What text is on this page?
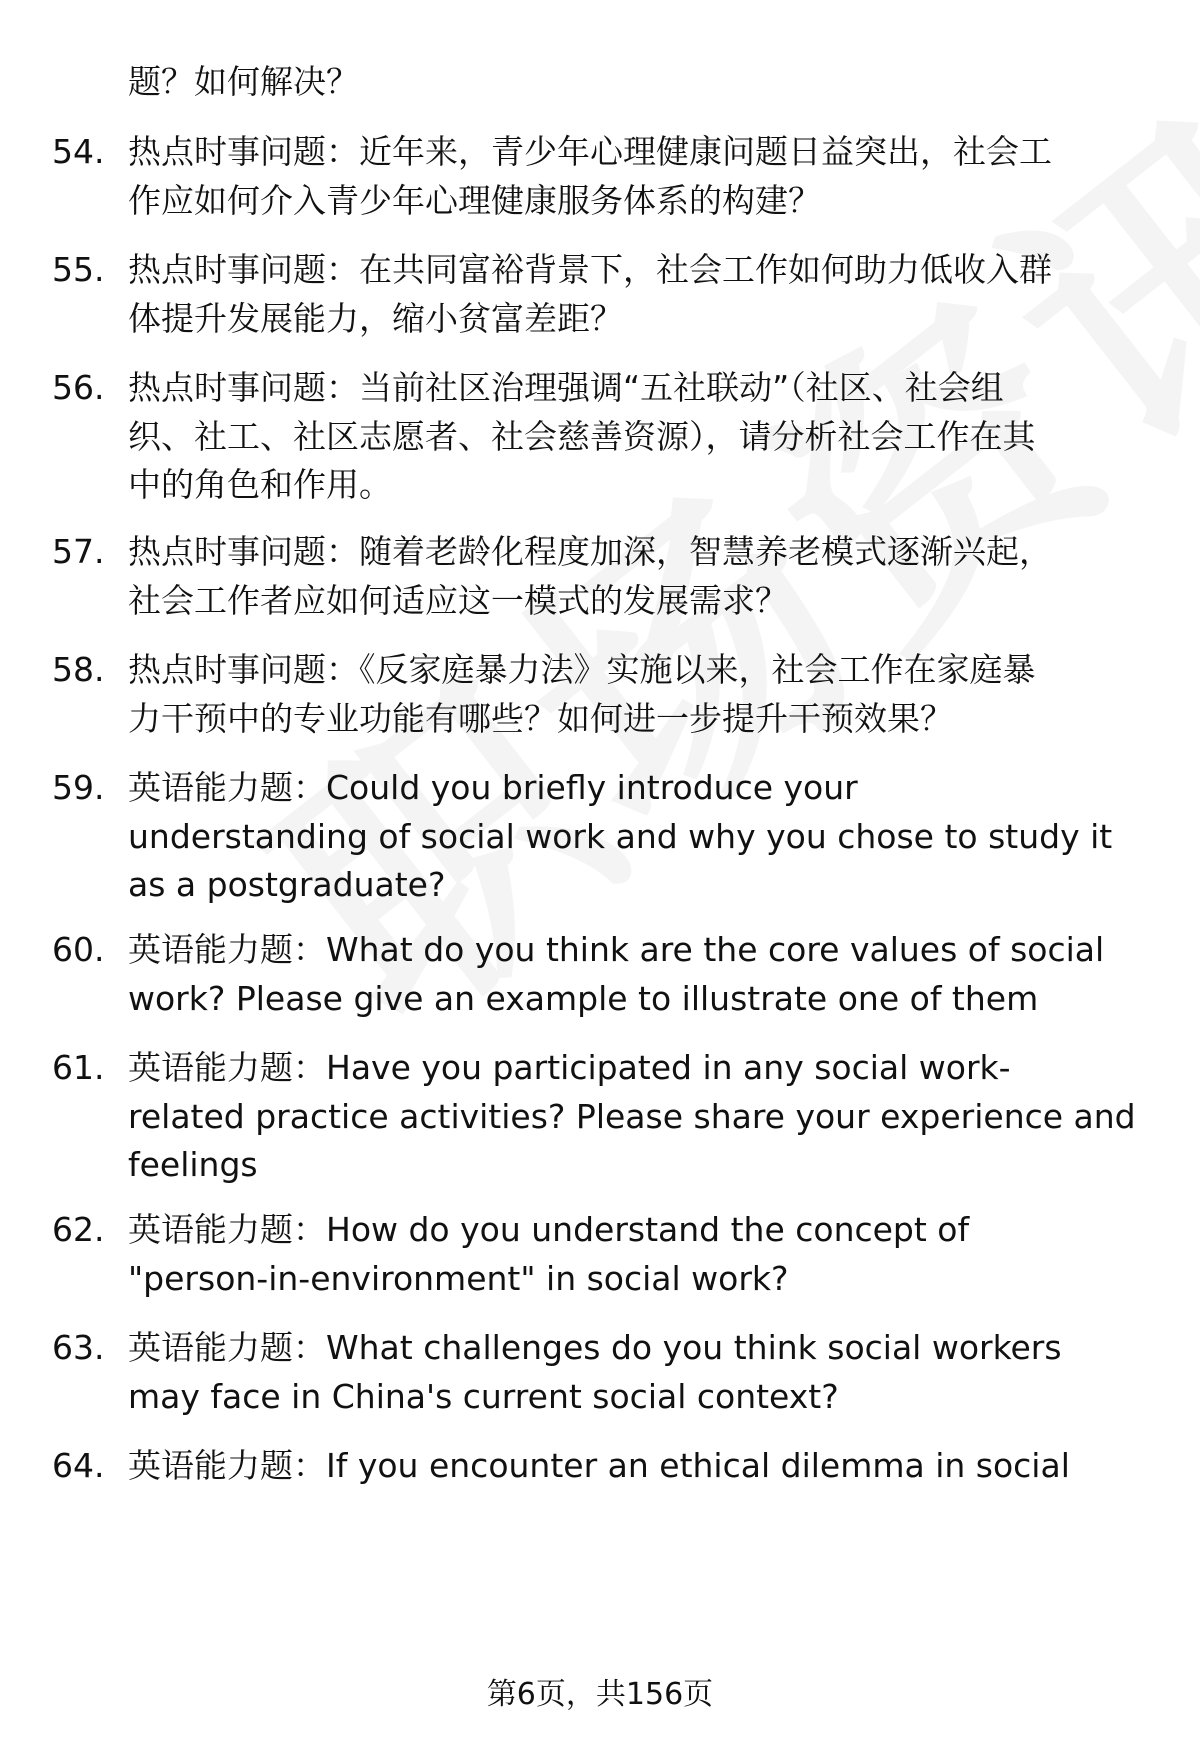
题？如何解决？

54. 热点时事问题：近年来，青少年心理健康问题日益突出，社会工
作应如何介入青少年心理健康服务体系的构建？
55. 热点时事问题：在共同富裕背景下，社会工作如何助力低收入群
体提升发展能力，缩小贫富差距？
56. 热点时事问题：当前社区治理强调“五社联动”（社区、社会组
织、社工、社区志愿者、社会慈善资源），请分析社会工作在其
中的角色和作用。
57. 热点时事问题：随着老龄化程度加深，智慧养老模式逐渐兴起，
社会工作者应如何适应这一模式的发展需求？
58. 热点时事问题：《反家庭暴力法》实施以来，社会工作在家庭暴
力干预中的专业功能有哪些？如何进一步提升干预效果？
59. 英语能力题：Could you briefly introduce your
understanding of social work and why you chose to study it
as a postgraduate?
60. 英语能力题：What do you think are the core values of social
work? Please give an example to illustrate one of them
61. 英语能力题：Have you participated in any social work-
related practice activities? Please share your experience and
feelings
62. 英语能力题：How do you understand the concept of
"person-in-environment" in social work?
63. 英语能力题：What challenges do you think social workers
may face in China's current social context?
64. 英语能力题：If you encounter an ethical dilemma in social
第6页，共156页
